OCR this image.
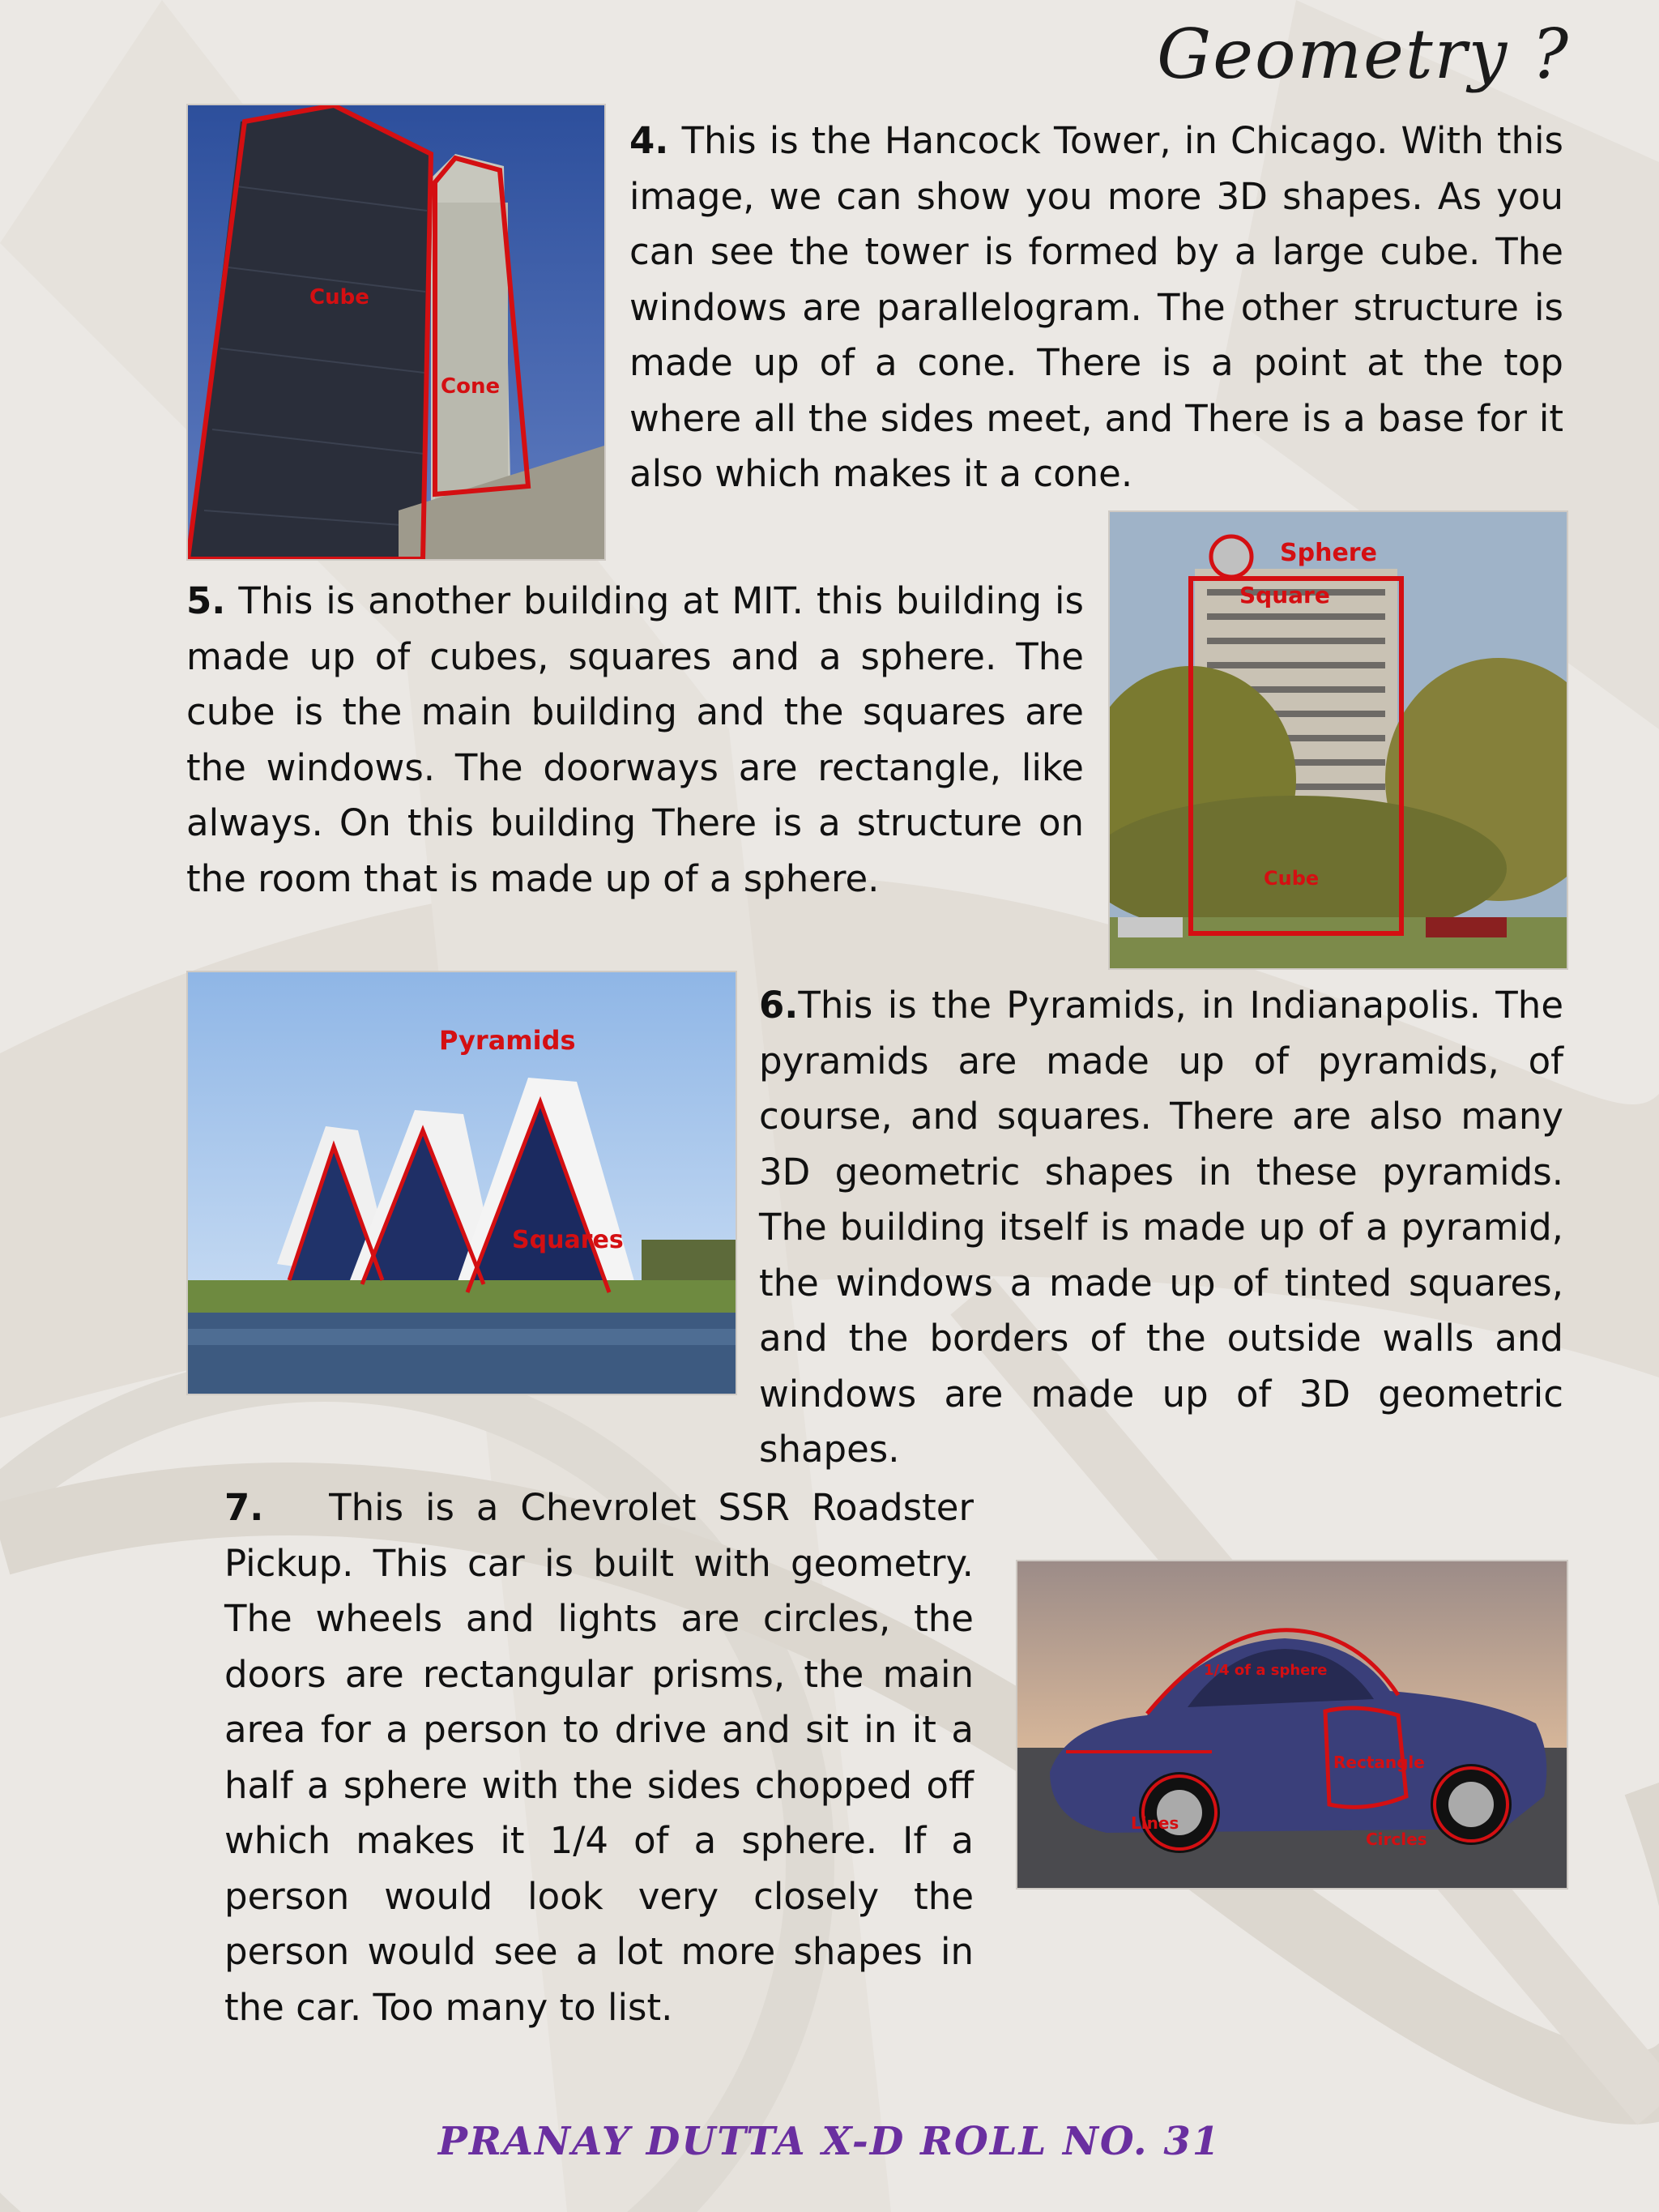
Geometry ?
Cube
Cone
4. This is the Hancock Tower, in Chicago. With this image, we can show you more 3D shapes. As you can see the tower is formed by a large cube. The windows are parallelogram. The other structure is made up of a cone. There is a point at the top where all the sides meet, and There is a base for it also which makes it a cone.
Sphere
Square
Cube
5. This is another building at MIT. this building is made up of cubes, squares and a sphere. The cube is the main building and the squares are the windows. The doorways are rectangle, like always. On this building There is a structure on the room that is made up of a sphere.
Pyramids
Squares
6.This is the Pyramids, in Indianapolis. The pyramids are made up of pyramids, of course, and squares. There are also many 3D geometric shapes in these pyramids. The building itself is made up of a pyramid, the windows a made up of tinted squares, and the borders of the outside walls and windows are made up of 3D geometric shapes.
1/4 of a sphere
Rectangle
Lines
Circles
7.   This is a Chevrolet SSR Roadster Pickup. This car is built with geometry. The wheels and lights are circles, the doors are rectangular prisms, the main area for a person to drive and sit in it a half a sphere with the sides chopped off which makes it 1/4 of a sphere. If a person would look very closely the person would see a lot more shapes in the car. Too many to list.
PRANAY DUTTA X-D ROLL NO. 31
